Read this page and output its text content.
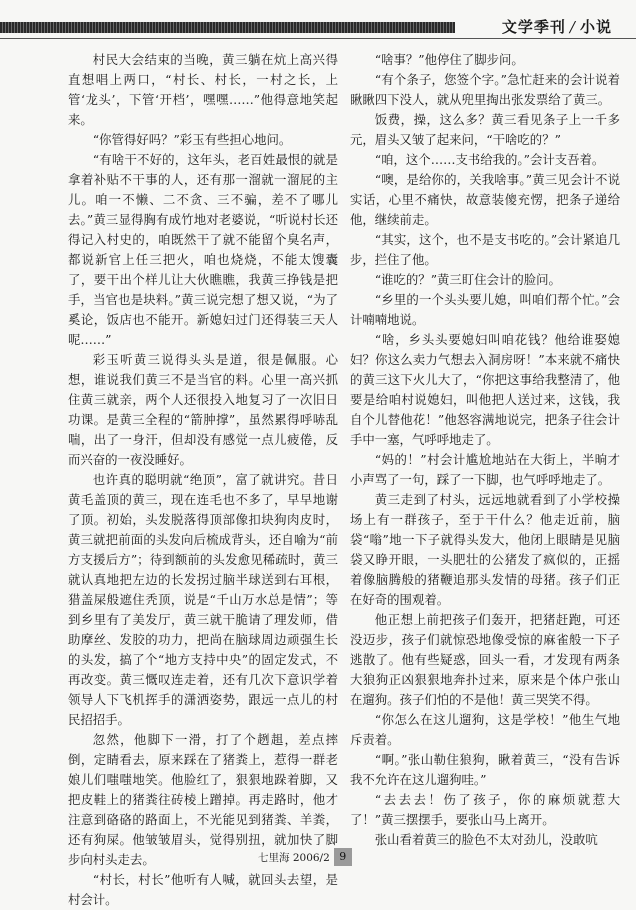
文学季刊 / 小说

村民大会结束的当晚，黄三躺在炕上高兴得直想唱上两口，“村长、村长，一村之长，上管‘龙头’，下管‘开档’，嘿嘿……”他得意地笑起来。

“你管得好吗？”彩玉有些担心地问。

“有啥干不好的，这年头，老百姓最恨的就是拿着补贴不干事的人，还有那一溜就一溜屁的主儿。咱一不懒、二不贪、三不骗，差不了哪儿去。”黄三显得胸有成竹地对老婆说，“听说村长还得记入村史的，咱既然干了就不能留个臭名声，都说新官上任三把火，咱也烧烧，不能太馊囊了，要干出个样儿让大伙瞧瞧，我黄三挣钱是把手，当官也是块料。”黄三说完想了想又说，“为了奚论，饭店也不能开。新媳妇过门还得装三天人呢……”

彩玉听黄三说得头头是道，很是佩服。心想，谁说我们黄三不是当官的料。心里一高兴抓住黄三就亲，两个人还很投入地复习了一次旧日功课。是黄三全程的“箭肿撑”，虽然累得呼哧乱喘，出了一身汗，但却没有感觉一点儿疲倦，反而兴奋的一夜没睡好。

也许真的聪明就“绝顶”，富了就讲究。昔日黄毛盖顶的黄三，现在连毛也不多了，早早地谢了顶。初始，头发脱落得顶部像扣块狗肉皮时，黄三就把前面的头发向后梳成背头，还自喻为“前方支援后方”；待到额前的头发愈见稀疏时，黄三就认真地把左边的长发拐过脑半球送到右耳根，猎盖屎般遮住秃顶，说是“千山万水总是情”；等到乡里有了美发厅，黄三就干脆请了理发师，借助摩丝、发胶的功力，把尚在脑球周边顽强生长的头发，搞了个“地方支持中央”的固定发式，不再改变。黄三慨叹连走着，还有几次下意识学着领导人下飞机挥手的潇洒姿势，跟远一点儿的村民招招手。

忽然，他脚下一滑，打了个趔趄，差点摔倒，定睛看去，原来踩在了猪粪上，惹得一群老娘儿们嗤嗤地笑。他脸红了，狠狠地跺着脚，又把皮鞋上的猪粪往砖棱上蹭掉。再走路时，他才注意到硌硌的路面上，不光能见到猪粪、羊粪，还有狗屎。他皱皱眉头，觉得别扭，就加快了脚步向村头走去。

“村长，村长”他听有人喊，就回头去望，是村会计。

“啥事？”他停住了脚步问。

“有个条子，您签个字。”急忙赶来的会计说着瞅瞅四下没人，就从兜里掏出张发票给了黄三。

饭费，操，这么多？黄三看见条子上一千多元，眉头又皱了起来问，“干啥吃的？”

“咱，这个……支书给我的。”会计支吾着。

“噢，是给你的，关我啥事。”黄三见会计不说实话，心里不痛快，故意装傻充愣，把条子递给他，继续前走。

“其实，这个，也不是支书吃的。”会计紧追几步，拦住了他。

“谁吃的？”黄三盯住会计的脸问。

“乡里的一个头头要儿媳，叫咱们帮个忙。”会计喃喃地说。

“啥，乡头头要媳妇叫咱花钱？他给谁娶媳妇？你这么卖力气想去入洞房呀！”本来就不痛快的黄三这下火儿大了，“你把这事给我整清了，他要是给咱村说媳妇，叫他把人送过来，这钱，我自个儿替他花！”他怒容满地说完，把条子往会计手中一塞，气呼呼地走了。

“妈的！”村会计尴尬地站在大街上，半晌才小声骂了一句，踩了一下脚，也气呼呼地走了。

黄三走到了村头，远远地就看到了小学校操场上有一群孩子，至于干什么？他走近前，脑袋“嗡”地一下子就得头发大，他闭上眼睛是见脑袋又睁开眼，一头肥壮的公猪发了疯似的，正摇着像脑腾般的猪鞭追那头发情的母猪。孩子们正在好奇的围观着。

他正想上前把孩子们轰开，把猪赶跑，可还没迈步，孩子们就惊恐地像受惊的麻雀般一下子逃散了。他有些疑惑，回头一看，才发现有两条大狼狗正凶狠狠地奔扑过来，原来是个体户张山在遛狗。孩子们怕的不是他！黄三哭笑不得。

“你怎么在这儿遛狗，这是学校！”他生气地斥责着。

“啊。”张山勒住狼狗，瞅着黄三，“没有告诉我不允许在这儿遛狗哇。”

“去去去！伤了孩子，你的麻烦就惹大了！”黄三摆摆手，要张山马上离开。

张山看着黄三的脸色不太对劲儿，没敢吭

七里海 2006/2 9
